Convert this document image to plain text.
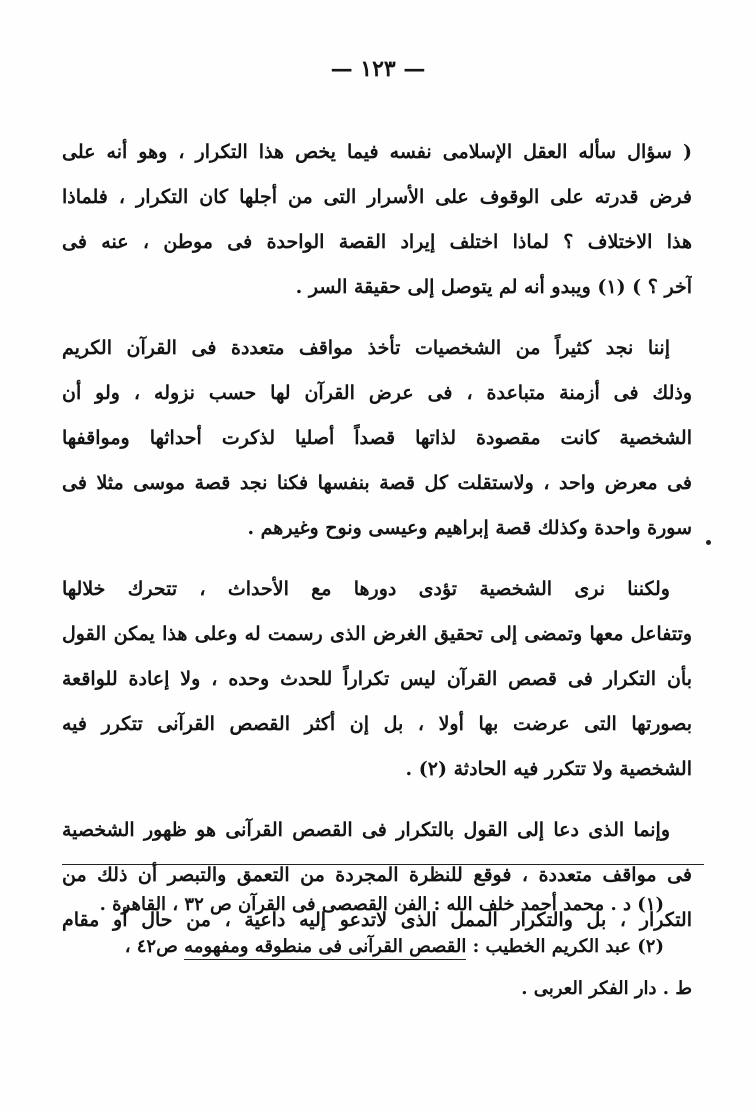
— ١٢٣ —
( سؤال سأله العقل الإسلامى نفسه فيما يخص هذا التكرار ، وهو أنه على
فرض قدرته على الوقوف على الأسرار التى من أجلها كان التكرار ، فلماذا
هذا الاختلاف ؟ لماذا اختلف إيراد القصة الواحدة فى موطن ، عنه فى
آخر ؟ ) (١) ويبدو أنه لم يتوصل إلى حقيقة السر .
إننا نجد كثيراً من الشخصيات تأخذ مواقف متعددة فى القرآن الكريم
وذلك فى أزمنة متباعدة ، فى عرض القرآن لها حسب نزوله ، ولو أن
الشخصية كانت مقصودة لذاتها قصداً أصليا لذكرت أحداثها ومواقفها
فى معرض واحد ، ولاستقلت كل قصة بنفسها فكنا نجد قصة موسى مثلا فى
سورة واحدة وكذلك قصة إبراهيم وعيسى ونوح وغيرهم .
ولكننا نرى الشخصية تؤدى دورها مع الأحداث ، تتحرك خلالها
وتتفاعل معها وتمضى إلى تحقيق الغرض الذى رسمت له وعلى هذا يمكن القول
بأن التكرار فى قصص القرآن ليس تكراراً للحدث وحده ، ولا إعادة للواقعة
بصورتها التى عرضت بها أولا ، بل إن أكثر القصص القرآنى تتكرر فيه
الشخصية ولا تتكرر فيه الحادثة (٢) .
وإنما الذى دعا إلى القول بالتكرار فى القصص القرآنى هو ظهور الشخصية
فى مواقف متعددة ، فوقع للنظرة المجردة من التعمق والتبصر أن ذلك من
التكرار ، بل والتكرار الممل الذى لاتدعو إليه داعية ، من حال أو مقام
(١) د . محمد أحمد خلف الله : الفن القصصى فى القرآن ص ٣٢ ، القاهرة .
(٢) عبد الكريم الخطيب : القصص القرآنى فى منطوقه ومفهومه ص٤٢ ،
ط . دار الفكر العربى .
